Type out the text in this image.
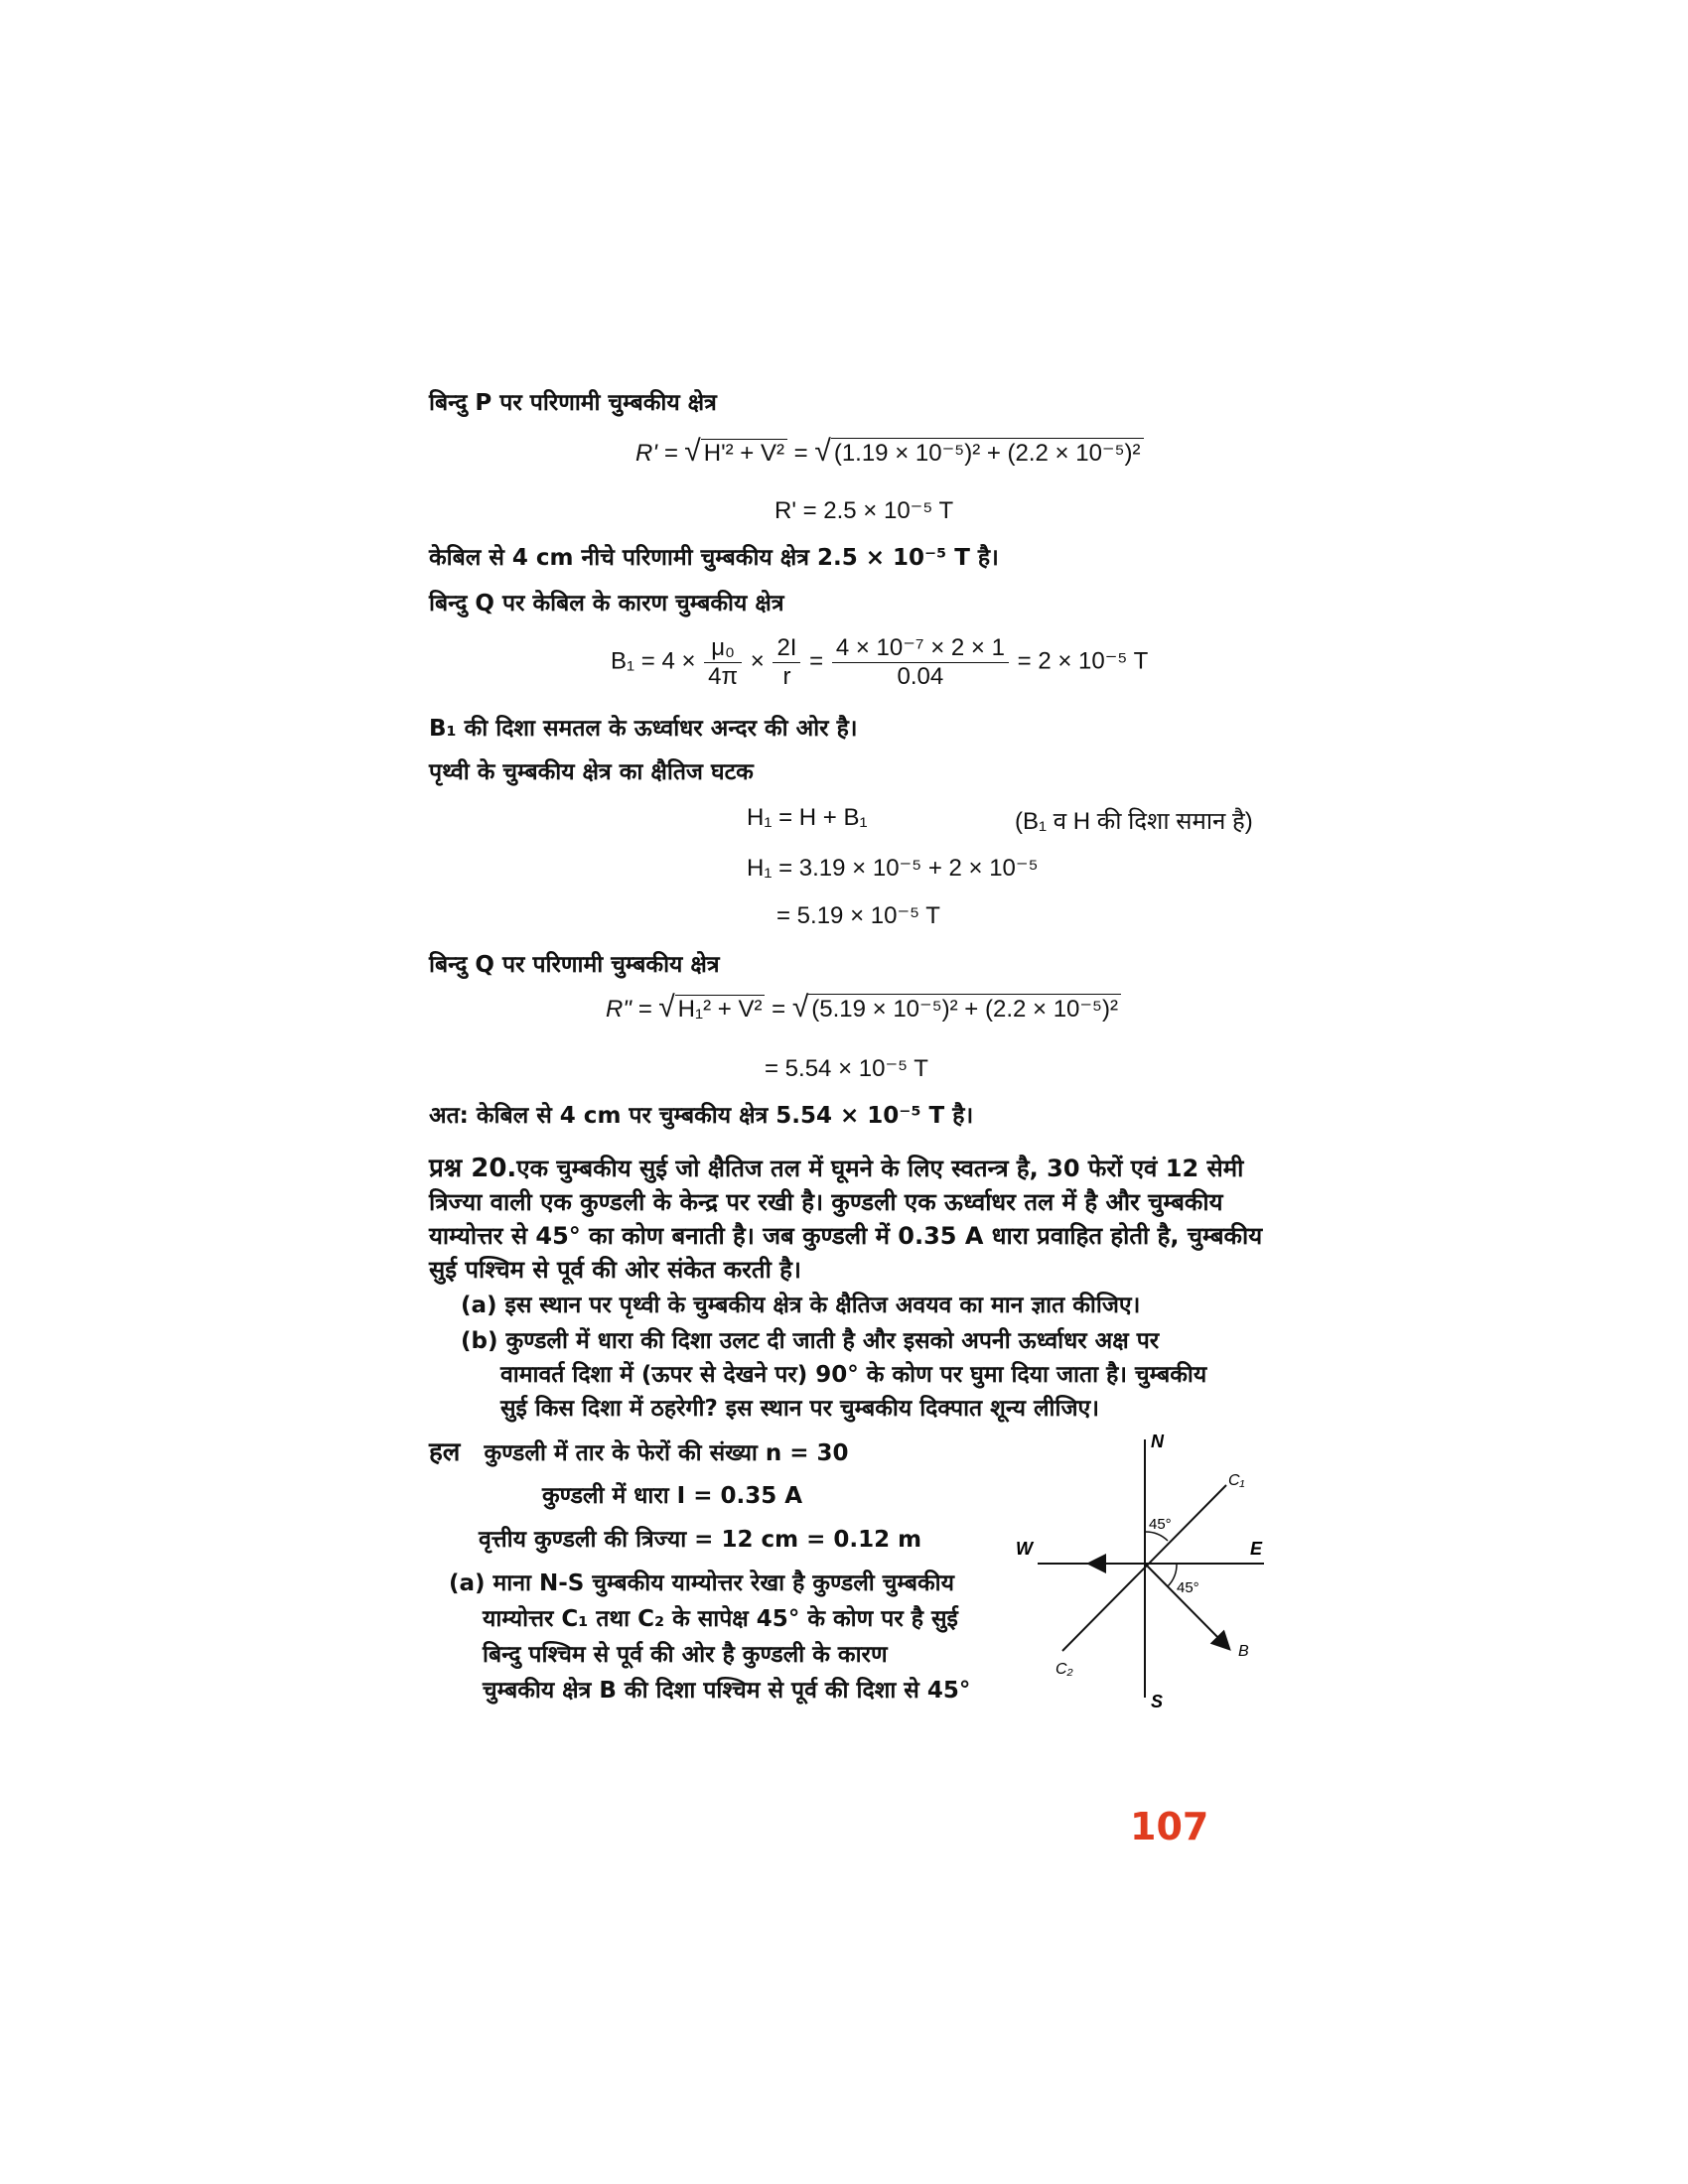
बिन्दु P पर परिणामी चुम्बकीय क्षेत्र
R' = √ H'² + V² = √ (1.19 × 10⁻⁵)² + (2.2 × 10⁻⁵)²
R' = 2.5 × 10⁻⁵ T
केबिल से 4 cm नीचे परिणामी चुम्बकीय क्षेत्र 2.5 × 10⁻⁵ T है।
बिन्दु Q पर केबिल के कारण चुम्बकीय क्षेत्र
$B_1 = 4 \times \frac{\text{μ₀}}{4\pi} \times \frac{2I}{r} = \frac{\text{4 × 10⁻⁷ × 2 × 1}}{0.04} = 2 \times 10^{-5}$ T
B₁ की दिशा समतल के ऊर्ध्वाधर अन्दर की ओर है।
पृथ्वी के चुम्बकीय क्षेत्र का क्षैतिज घटक
H₁ = H + B₁	(B₁ व H की दिशा समान है)
H₁ = 3.19 × 10⁻⁵ + 2 × 10⁻⁵
= 5.19 × 10⁻⁵ T
बिन्दु Q पर परिणामी चुम्बकीय क्षेत्र
R" = √ H₁² + V² = √ (5.19 × 10⁻⁵)² + (2.2 × 10⁻⁵)²
= 5.54 × 10⁻⁵ T
अत: केबिल से 4 cm पर चुम्बकीय क्षेत्र 5.54 × 10⁻⁵ T है।
प्रश्न 20.एक चुम्बकीय सुई जो क्षैतिज तल में घूमने के लिए स्वतन्त्र है, 30 फेरों एवं 12 सेमी
त्रिज्या वाली एक कुण्डली के केन्द्र पर रखी है। कुण्डली एक ऊर्ध्वाधर तल में है और चुम्बकीय
याम्योत्तर से 45° का कोण बनाती है। जब कुण्डली में 0.35 A धारा प्रवाहित होती है, चुम्बकीय
सुई पश्चिम से पूर्व की ओर संकेत करती है।
(a) इस स्थान पर पृथ्वी के चुम्बकीय क्षेत्र के क्षैतिज अवयव का मान ज्ञात कीजिए।
(b) कुण्डली में धारा की दिशा उलट दी जाती है और इसको अपनी ऊर्ध्वाधर अक्ष पर
वामावर्त दिशा में (ऊपर से देखने पर) 90° के कोण पर घुमा दिया जाता है। चुम्बकीय
सुई किस दिशा में ठहरेगी? इस स्थान पर चुम्बकीय दिक्पात शून्य लीजिए।
हल कुण्डली में तार के फेरों की संख्या n = 30
कुण्डली में धारा I = 0.35 A
वृत्तीय कुण्डली की त्रिज्या = 12 cm = 0.12 m
(a) माना N-S चुम्बकीय याम्योत्तर रेखा है कुण्डली चुम्बकीय
याम्योत्तर C₁ तथा C₂ के सापेक्ष 45° के कोण पर है सुई
बिन्दु पश्चिम से पूर्व की ओर है कुण्डली के कारण
चुम्बकीय क्षेत्र B की दिशा पश्चिम से पूर्व की दिशा से 45°
N
S
E
W
C₁
C₂
B
45°
45°
107
